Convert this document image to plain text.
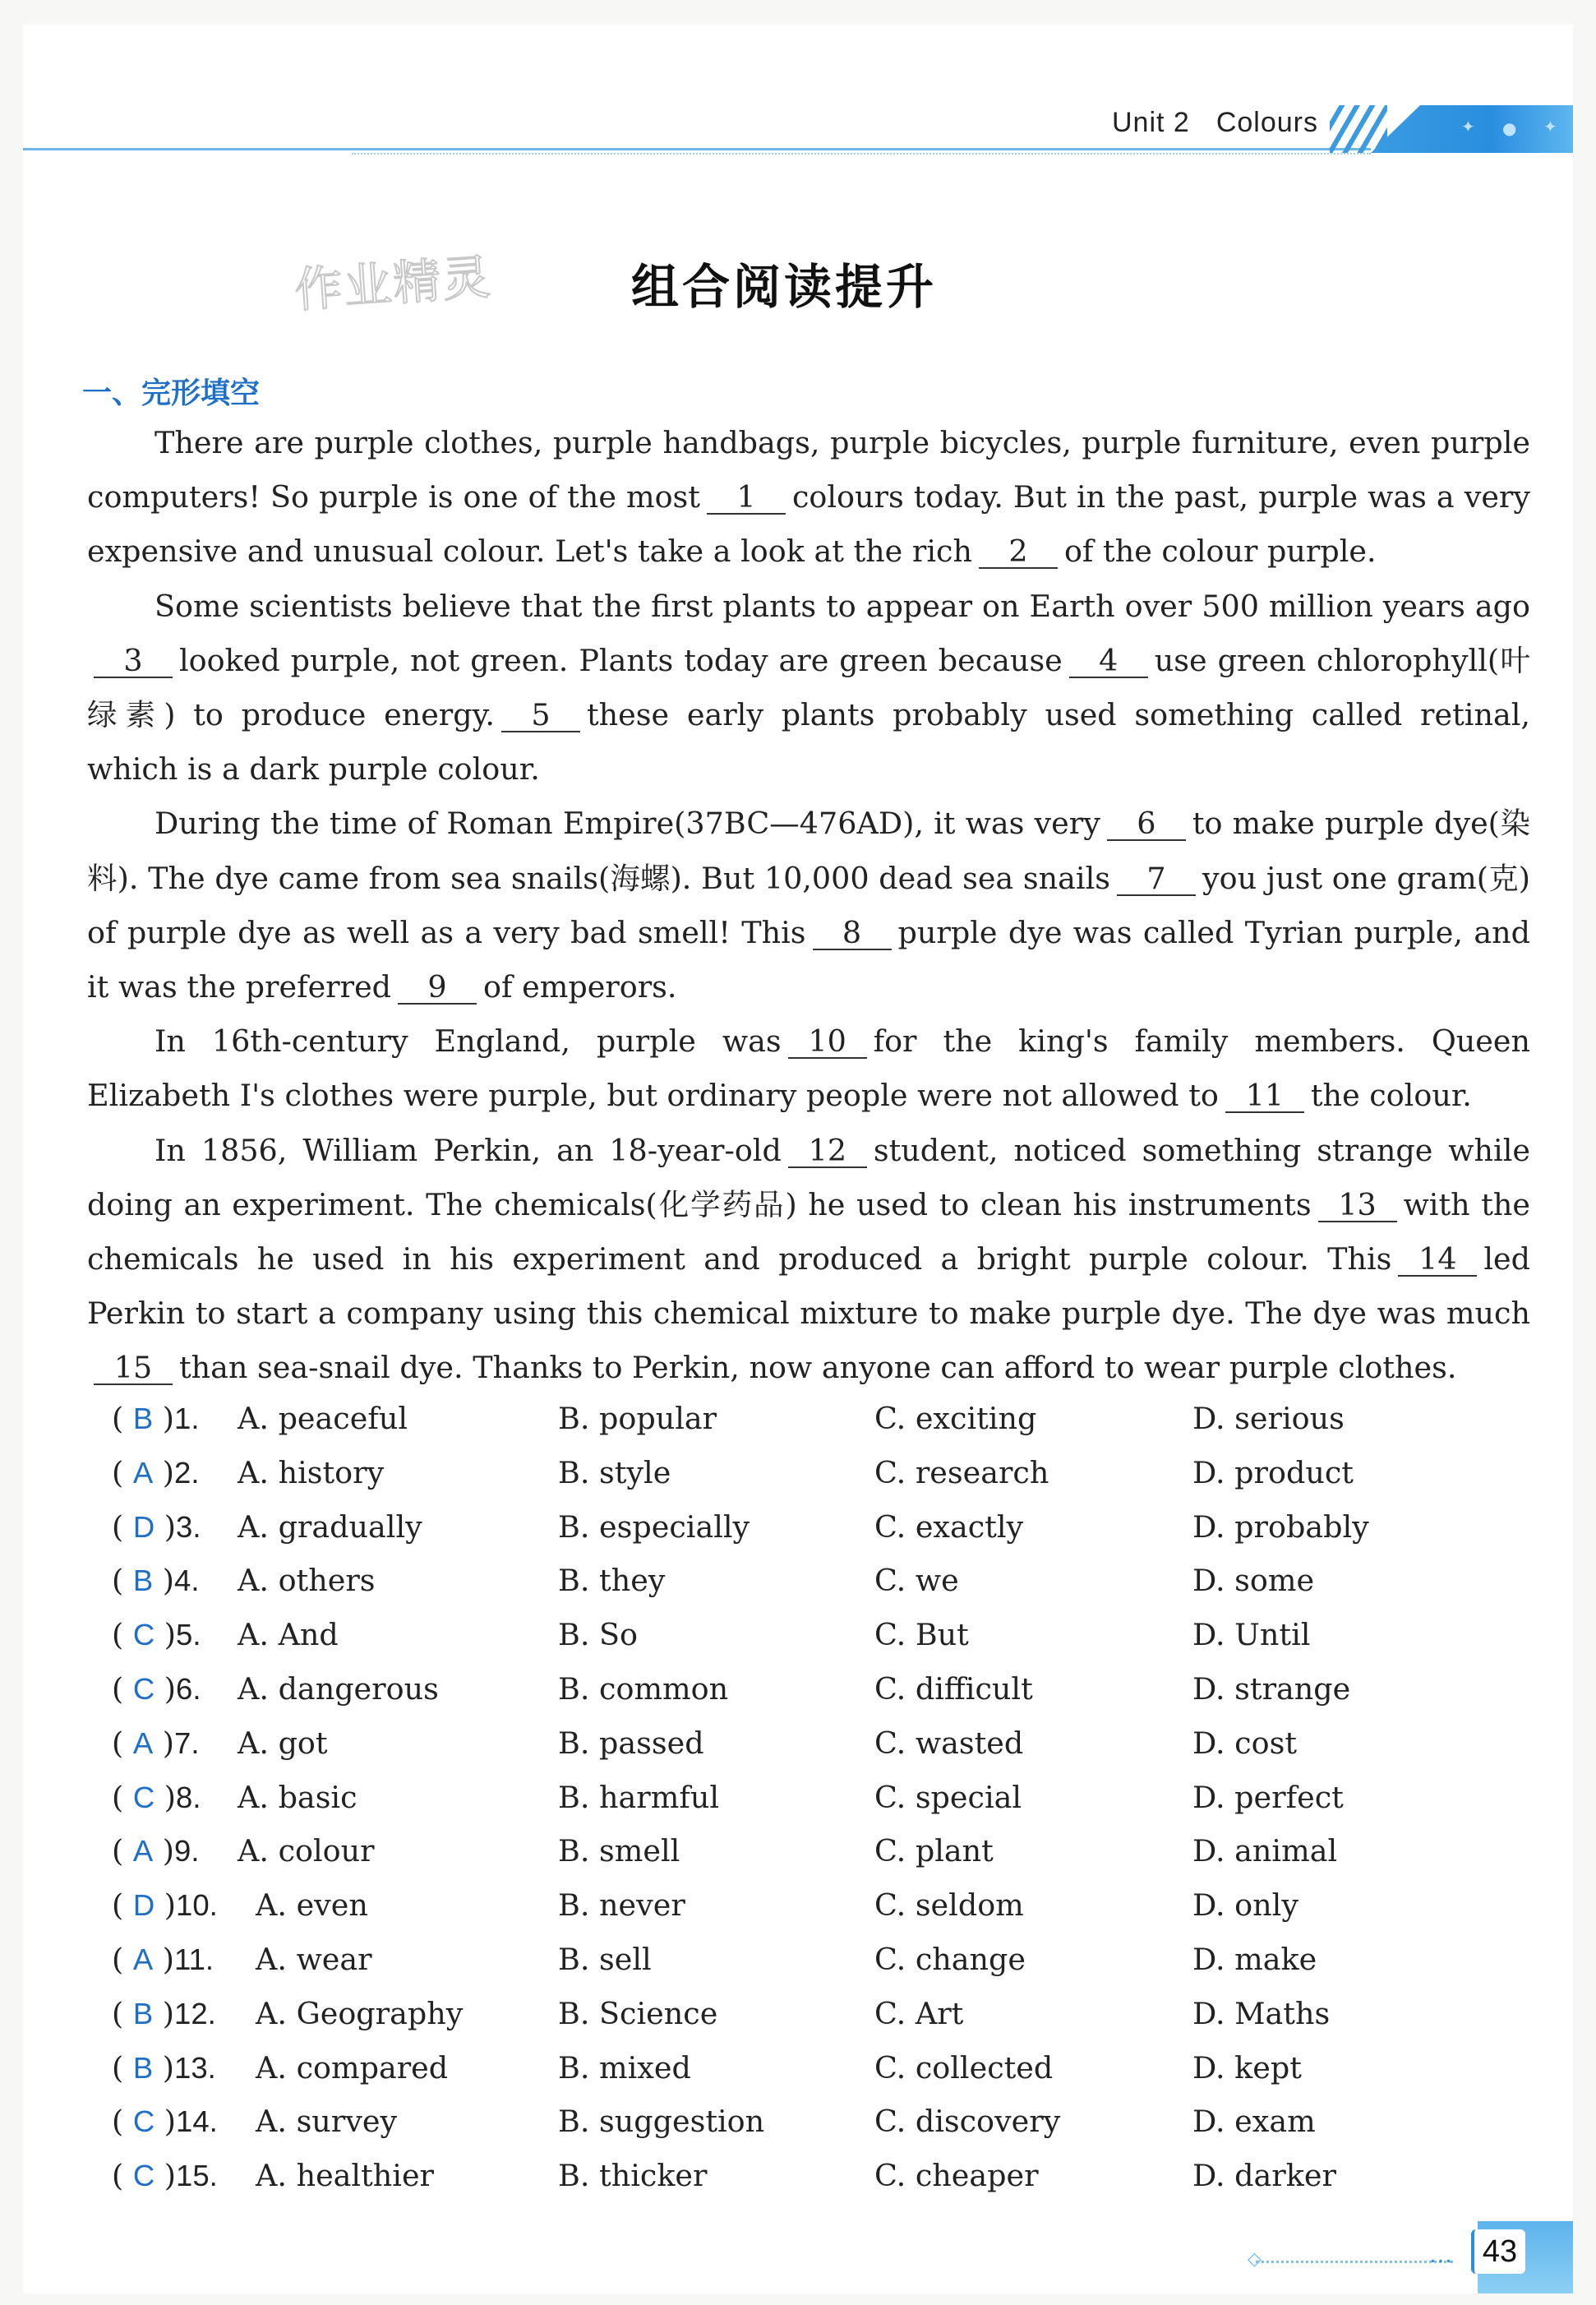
Unit 2 Colours	✦ ● ✦
作业精灵	组合阅读提升
一、完形填空

There are purple clothes, purple handbags, purple bicycles, purple furniture, even purple computers! So purple is one of the most 1 colours today. But in the past, purple was a very expensive and unusual colour. Let's take a look at the rich 2 of the colour purple.

Some scientists believe that the first plants to appear on Earth over 500 million years ago3 looked purple, not green. Plants today are green because 4 use green chlorophyll(叶绿素) to produce energy. 5 these early plants probably used something called retinal, which is a dark purple colour.

During the time of Roman Empire(37BC—476AD), it was very 6 to make purple dye(染料). The dye came from sea snails(海螺). But 10,000 dead sea snails 7 you just one gram(克) of purple dye as well as a very bad smell! This 8 purple dye was called Tyrian purple, and it was the preferred 9 of emperors.

In 16th-century England, purple was 10 for the king's family members. Queen Elizabeth I's clothes were purple, but ordinary people were not allowed to 11 the colour.

In 1856, William Perkin, an 18-year-old 12 student, noticed something strange while doing an experiment. The chemicals(化学药品) he used to clean his instruments 13 with the chemicals he used in his experiment and produced a bright purple colour. This 14 led Perkin to start a company using this chemical mixture to make purple dye. The dye was much15 than sea-snail dye. Thanks to Perkin, now anyone can afford to wear purple clothes.

( B )1. A. peaceful	B. popular	C. exciting	D. serious
( A )2. A. history	B. style	C. research	D. product
( D )3. A. gradually	B. especially	C. exactly	D. probably
( B )4. A. others	B. they	C. we	D. some
( C )5. A. And	B. So	C. But	D. Until
( C )6. A. dangerous	B. common	C. difficult	D. strange
( A )7. A. got	B. passed	C. wasted	D. cost
( C )8. A. basic	B. harmful	C. special	D. perfect
( A )9. A. colour	B. smell	C. plant	D. animal
( D )10. A. even	B. never	C. seldom	D. only
( A )11. A. wear	B. sell	C. change	D. make
( B )12. A. Geography	B. Science	C. Art	D. Maths
( B )13. A. compared	B. mixed	C. collected	D. kept
( C )14. A. survey	B. suggestion	C. discovery	D. exam
( C )15. A. healthier	B. thicker	C. cheaper	D. darker
◇	… 43
